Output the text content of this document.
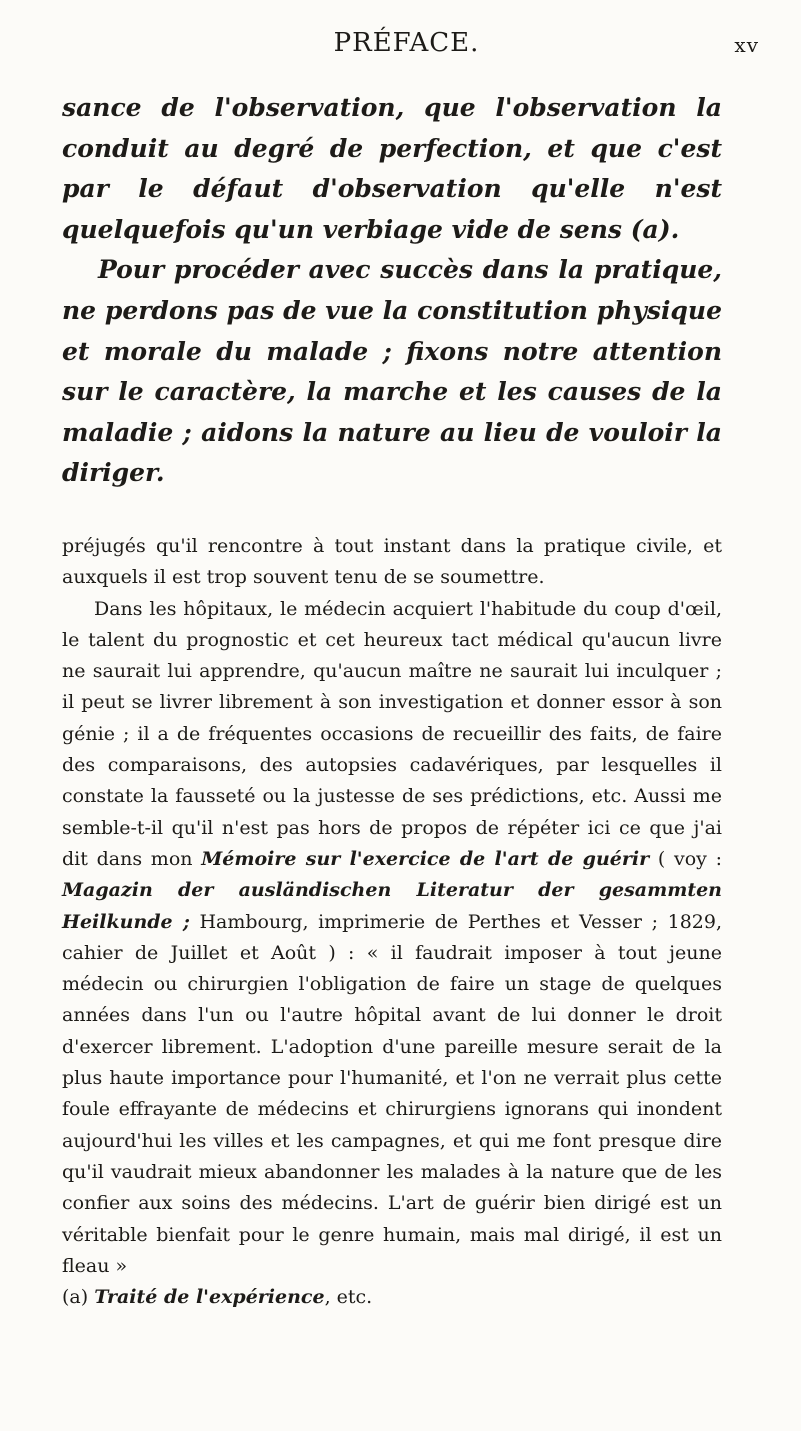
PRÉFACE.	xv

sance de l'observation, que l'observation la conduit au degré de perfection, et que c'est par le défaut d'observation qu'elle n'est quelquefois qu'un verbiage vide de sens (a).

Pour procéder avec succès dans la pratique, ne perdons pas de vue la constitution physique et morale du malade ; fixons notre attention sur le caractère, la marche et les causes de la maladie ; aidons la nature au lieu de vouloir la diriger.

préjugés qu'il rencontre à tout instant dans la pratique civile, et auxquels il est trop souvent tenu de se soumettre.

Dans les hôpitaux, le médecin acquiert l'habitude du coup d'œil, le talent du prognostic et cet heureux tact médical qu'aucun livre ne saurait lui apprendre, qu'aucun maître ne saurait lui inculquer ; il peut se livrer librement à son investigation et donner essor à son génie ; il a de fréquentes occasions de recueillir des faits, de faire des comparaisons, des autopsies cadavériques, par lesquelles il constate la fausseté ou la justesse de ses prédictions, etc. Aussi me semble-t-il qu'il n'est pas hors de propos de répéter ici ce que j'ai dit dans mon Mémoire sur l'exercice de l'art de guérir ( voy : Magazin der ausländischen Literatur der gesammten Heilkunde ; Hambourg, imprimerie de Perthes et Vesser ; 1829, cahier de Juillet et Août ) : « il faudrait imposer à tout jeune médecin ou chirurgien l'obligation de faire un stage de quelques années dans l'un ou l'autre hôpital avant de lui donner le droit d'exercer librement. L'adoption d'une pareille mesure serait de la plus haute importance pour l'humanité, et l'on ne verrait plus cette foule effrayante de médecins et chirurgiens ignorans qui inondent aujourd'hui les villes et les campagnes, et qui me font presque dire qu'il vaudrait mieux abandonner les malades à la nature que de les confier aux soins des médecins. L'art de guérir bien dirigé est un véritable bienfait pour le genre humain, mais mal dirigé, il est un fleau »

(a) Traité de l'expérience, etc.
